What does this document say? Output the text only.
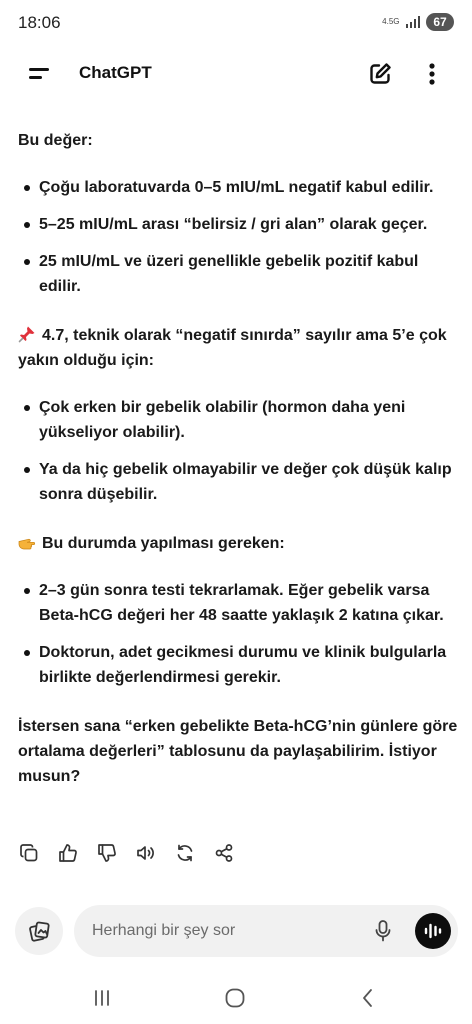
18:06	4.5G	67
ChatGPT

Bu değer:

Çoğu laboratuvarda 0–5 mIU/mL negatif kabul edilir.
5–25 mIU/mL arası “belirsiz / gri alan” olarak geçer.
25 mIU/mL ve üzeri genellikle gebelik pozitif kabul edilir.

4.7, teknik olarak “negatif sınırda” sayılır ama 5’e çok yakın olduğu için:

Çok erken bir gebelik olabilir (hormon daha yeni yükseliyor olabilir).
Ya da hiç gebelik olmayabilir ve değer çok düşük kalıp sonra düşebilir.

Bu durumda yapılması gereken:

2–3 gün sonra testi tekrarlamak. Eğer gebelik varsa Beta-hCG değeri her 48 saatte yaklaşık 2 katına çıkar.
Doktorun, adet gecikmesi durumu ve klinik bulgularla birlikte değerlendirmesi gerekir.

İstersen sana “erken gebelikte Beta-hCG’nin günlere göre ortalama değerleri” tablosunu da paylaşabilirim. İstiyor musun?

Herhangi bir şey sor
